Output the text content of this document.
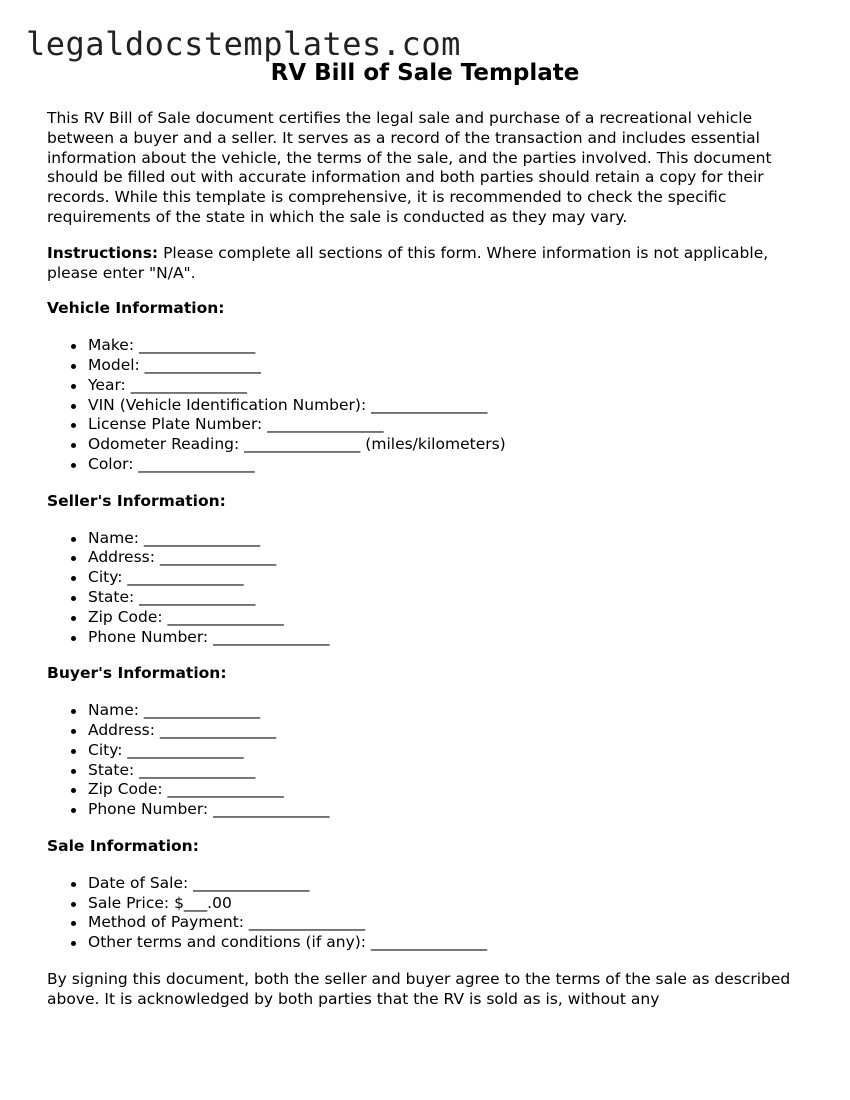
legaldocstemplates.com
RV Bill of Sale Template

This RV Bill of Sale document certifies the legal sale and purchase of a recreational vehicle between a buyer and a seller. It serves as a record of the transaction and includes essential information about the vehicle, the terms of the sale, and the parties involved. This document should be filled out with accurate information and both parties should retain a copy for their records. While this template is comprehensive, it is recommended to check the specific requirements of the state in which the sale is conducted as they may vary.

Instructions: Please complete all sections of this form. Where information is not applicable, please enter "N/A".

Vehicle Information:

Make: _______________
Model: _______________
Year: _______________
VIN (Vehicle Identification Number): _______________
License Plate Number: _______________
Odometer Reading: _______________ (miles/kilometers)
Color: _______________

Seller's Information:

Name: _______________
Address: _______________
City: _______________
State: _______________
Zip Code: _______________
Phone Number: _______________

Buyer's Information:

Name: _______________
Address: _______________
City: _______________
State: _______________
Zip Code: _______________
Phone Number: _______________

Sale Information:

Date of Sale: _______________
Sale Price: $___.00
Method of Payment: _______________
Other terms and conditions (if any): _______________

By signing this document, both the seller and buyer agree to the terms of the sale as described above. It is acknowledged by both parties that the RV is sold as is, without any
